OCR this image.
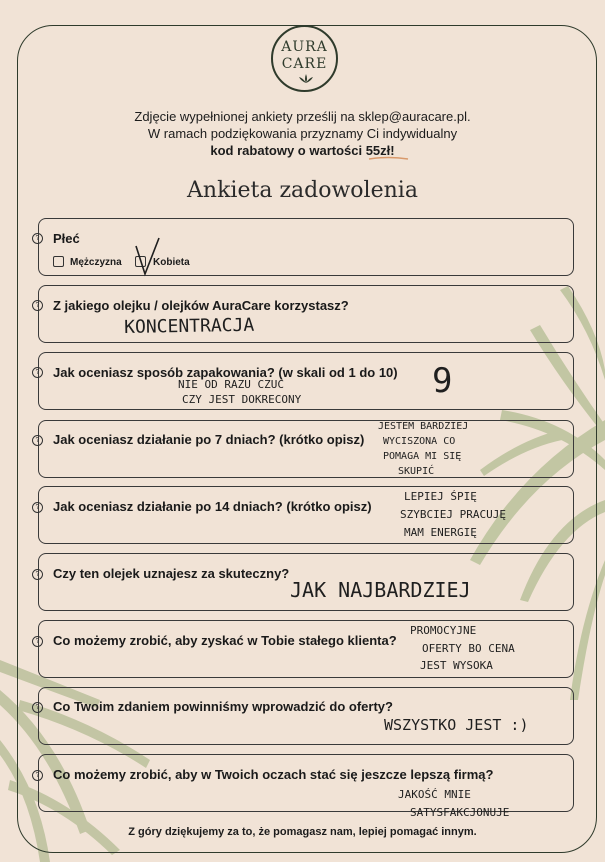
AURA
CARE
Zdjęcie wypełnionej ankiety prześlij na sklep@auracare.pl.
W ramach podziękowania przyznamy Ci indywidualny
kod rabatowy o wartości 55zł!
Ankieta zadowolenia
? Płeć
Mężczyzna	Kobieta
? Z jakiego olejku / olejków AuraCare korzystasz?
KONCENTRACJA
? Jak oceniasz sposób zapakowania? (w skali od 1 do 10)
NIE OD RAZU CZUC
CZY JEST DOKRECONY	9
? Jak oceniasz działanie po 7 dniach? (krótko opisz)
JESTEM BARDZIEJ
WYCISZONA CO
POMAGA MI SIĘ
SKUPIĆ
? Jak oceniasz działanie po 14 dniach? (krótko opisz)
LEPIEJ ŚPIĘ
SZYBCIEJ PRACUJĘ
MAM ENERGIĘ
? Czy ten olejek uznajesz za skuteczny?
JAK NAJBARDZIEJ
? Co możemy zrobić, aby zyskać w Tobie stałego klienta?
PROMOCYJNE
OFERTY BO CENA
JEST WYSOKA
? Co Twoim zdaniem powinniśmy wprowadzić do oferty?
WSZYSTKO JEST :)
? Co możemy zrobić, aby w Twoich oczach stać się jeszcze lepszą firmą?
JAKOŚĆ MNIE
SATYSFAKCJONUJE
Z góry dziękujemy za to, że pomagasz nam, lepiej pomagać innym.
